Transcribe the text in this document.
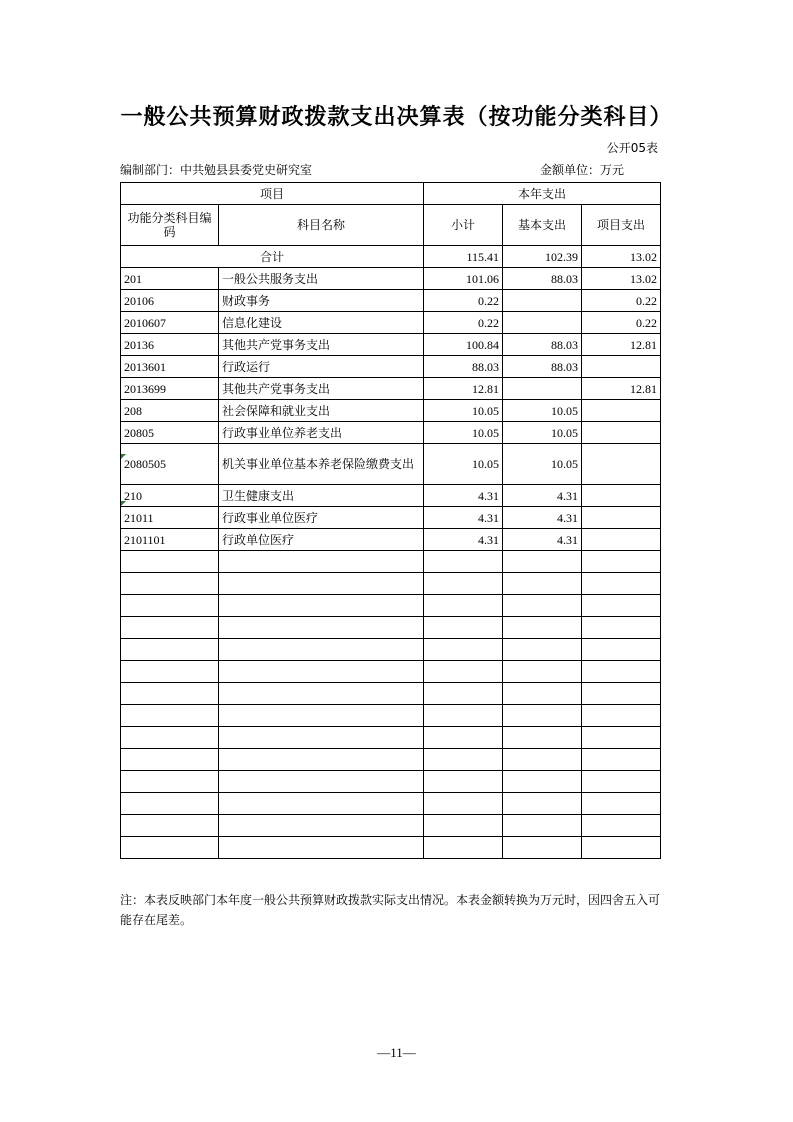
一般公共预算财政拨款支出决算表（按功能分类科目）
公开05表
编制部门：中共勉县县委党史研究室	金额单位：万元
项目		本年支出		
功能分类科目编码	科目名称	小计	基本支出	项目支出
合计		115.41	102.39	13.02
201	一般公共服务支出	101.06	88.03	13.02
20106	财政事务	0.22		0.22
2010607	信息化建设	0.22		0.22
20136	其他共产党事务支出	100.84	88.03	12.81
2013601	行政运行	88.03	88.03	
2013699	其他共产党事务支出	12.81		12.81
208	社会保障和就业支出	10.05	10.05	
20805	行政事业单位养老支出	10.05	10.05	
2080505	机关事业单位基本养老保险缴费支出	10.05	10.05	
210	卫生健康支出	4.31	4.31	
21011	行政事业单位医疗	4.31	4.31	
2101101	行政单位医疗	4.31	4.31	

注：本表反映部门本年度一般公共预算财政拨款实际支出情况。本表金额转换为万元时，因四舍五入可能存在尾差。
—11—
